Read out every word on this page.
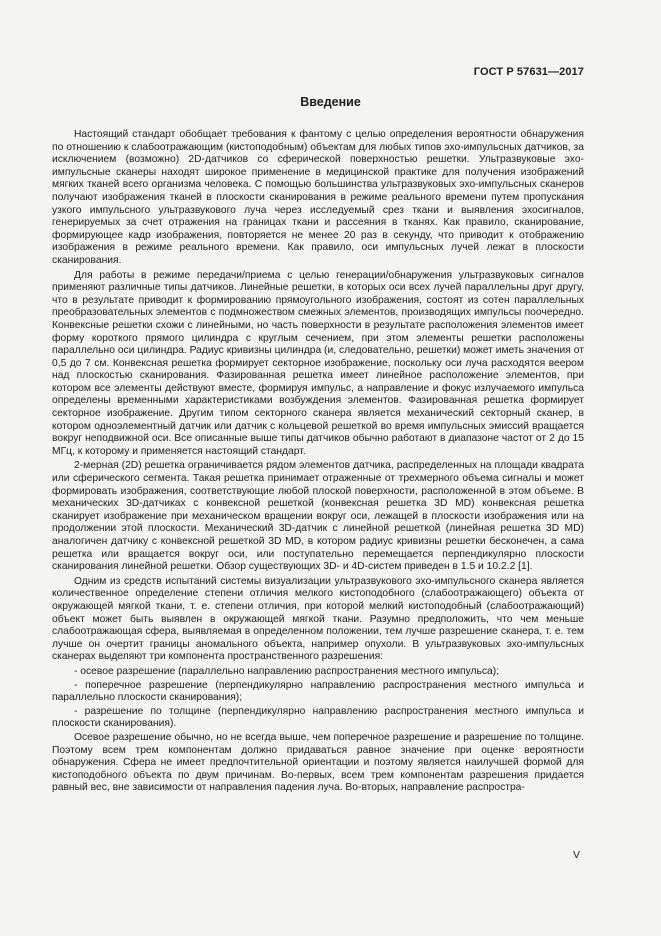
ГОСТ Р 57631—2017
Введение

Настоящий стандарт обобщает требования к фантому с целью определения вероятности обнаружения по отношению к слабоотражающим (кистоподобным) объектам для любых типов эхо-импульсных датчиков, за исключением (возможно) 2D-датчиков со сферической поверхностью решетки. Ультразвуковые эхо-импульсные сканеры находят широкое применение в медицинской практике для получения изображений мягких тканей всего организма человека. С помощью большинства ультразвуковых эхо-импульсных сканеров получают изображения тканей в плоскости сканирования в режиме реального времени путем пропускания узкого импульсного ультразвукового луча через исследуемый срез ткани и выявления эхосигналов, генерируемых за счет отражения на границах ткани и рассеяния в тканях. Как правило, сканирование, формирующее кадр изображения, повторяется не менее 20 раз в секунду, что приводит к отображению изображения в режиме реального времени. Как правило, оси импульсных лучей лежат в плоскости сканирования.

Для работы в режиме передачи/приема с целью генерации/обнаружения ультразвуковых сигналов применяют различные типы датчиков. Линейные решетки, в которых оси всех лучей параллельны друг другу, что в результате приводит к формированию прямоугольного изображения, состоят из сотен параллельных преобразовательных элементов с подмножеством смежных элементов, производящих импульсы поочередно. Конвексные решетки схожи с линейными, но часть поверхности в результате расположения элементов имеет форму короткого прямого цилиндра с круглым сечением, при этом элементы решетки расположены параллельно оси цилиндра. Радиус кривизны цилиндра (и, следовательно, решетки) может иметь значения от 0,5 до 7 см. Конвексная решетка формирует секторное изображение, поскольку оси луча расходятся веером над плоскостью сканирования. Фазированная решетка имеет линейное расположение элементов, при котором все элементы действуют вместе, формируя импульс, а направление и фокус излучаемого импульса определены временными характеристиками возбуждения элементов. Фазированная решетка формирует секторное изображение. Другим типом секторного сканера является механический секторный сканер, в котором одноэлементный датчик или датчик с кольцевой решеткой во время импульсных эмиссий вращается вокруг неподвижной оси. Все описанные выше типы датчиков обычно работают в диапазоне частот от 2 до 15 МГц, к которому и применяется настоящий стандарт.

2-мерная (2D) решетка ограничивается рядом элементов датчика, распределенных на площади квадрата или сферического сегмента. Такая решетка принимает отраженные от трехмерного объема сигналы и может формировать изображения, соответствующие любой плоской поверхности, расположенной в этом объеме. В механических 3D-датчиках с конвексной решеткой (конвексная решетка 3D MD) конвексная решетка сканирует изображение при механическом вращении вокруг оси, лежащей в плоскости изображения или на продолжении этой плоскости. Механический 3D-датчик с линейной решеткой (линейная решетка 3D MD) аналогичен датчику с конвексной решеткой 3D MD, в котором радиус кривизны решетки бесконечен, а сама решетка или вращается вокруг оси, или поступательно перемещается перпендикулярно плоскости сканирования линейной решетки. Обзор существующих 3D- и 4D-систем приведен в 1.5 и 10.2.2 [1].

Одним из средств испытаний системы визуализации ультразвукового эхо-импульсного сканера является количественное определение степени отличия мелкого кистоподобного (слабоотражающего) объекта от окружающей мягкой ткани, т. е. степени отличия, при которой мелкий кистоподобный (слабоотражающий) объект может быть выявлен в окружающей мягкой ткани. Разумно предположить, что чем меньше слабоотражающая сфера, выявляемая в определенном положении, тем лучше разрешение сканера, т. е. тем лучше он очертит границы аномального объекта, например опухоли. В ультразвуковых эхо-импульсных сканерах выделяют три компонента пространственного разрешения:

- осевое разрешение (параллельно направлению распространения местного импульса);

- поперечное разрешение (перпендикулярно направлению распространения местного импульса и параллельно плоскости сканирования);

- разрешение по толщине (перпендикулярно направлению распространения местного импульса и плоскости сканирования).

Осевое разрешение обычно, но не всегда выше, чем поперечное разрешение и разрешение по толщине. Поэтому всем трем компонентам должно придаваться равное значение при оценке вероятности обнаружения. Сфера не имеет предпочтительной ориентации и поэтому является наилучшей формой для кистоподобного объекта по двум причинам. Во-первых, всем трем компонентам разрешения придается равный вес, вне зависимости от направления падения луча. Во-вторых, направление распростра-

V
